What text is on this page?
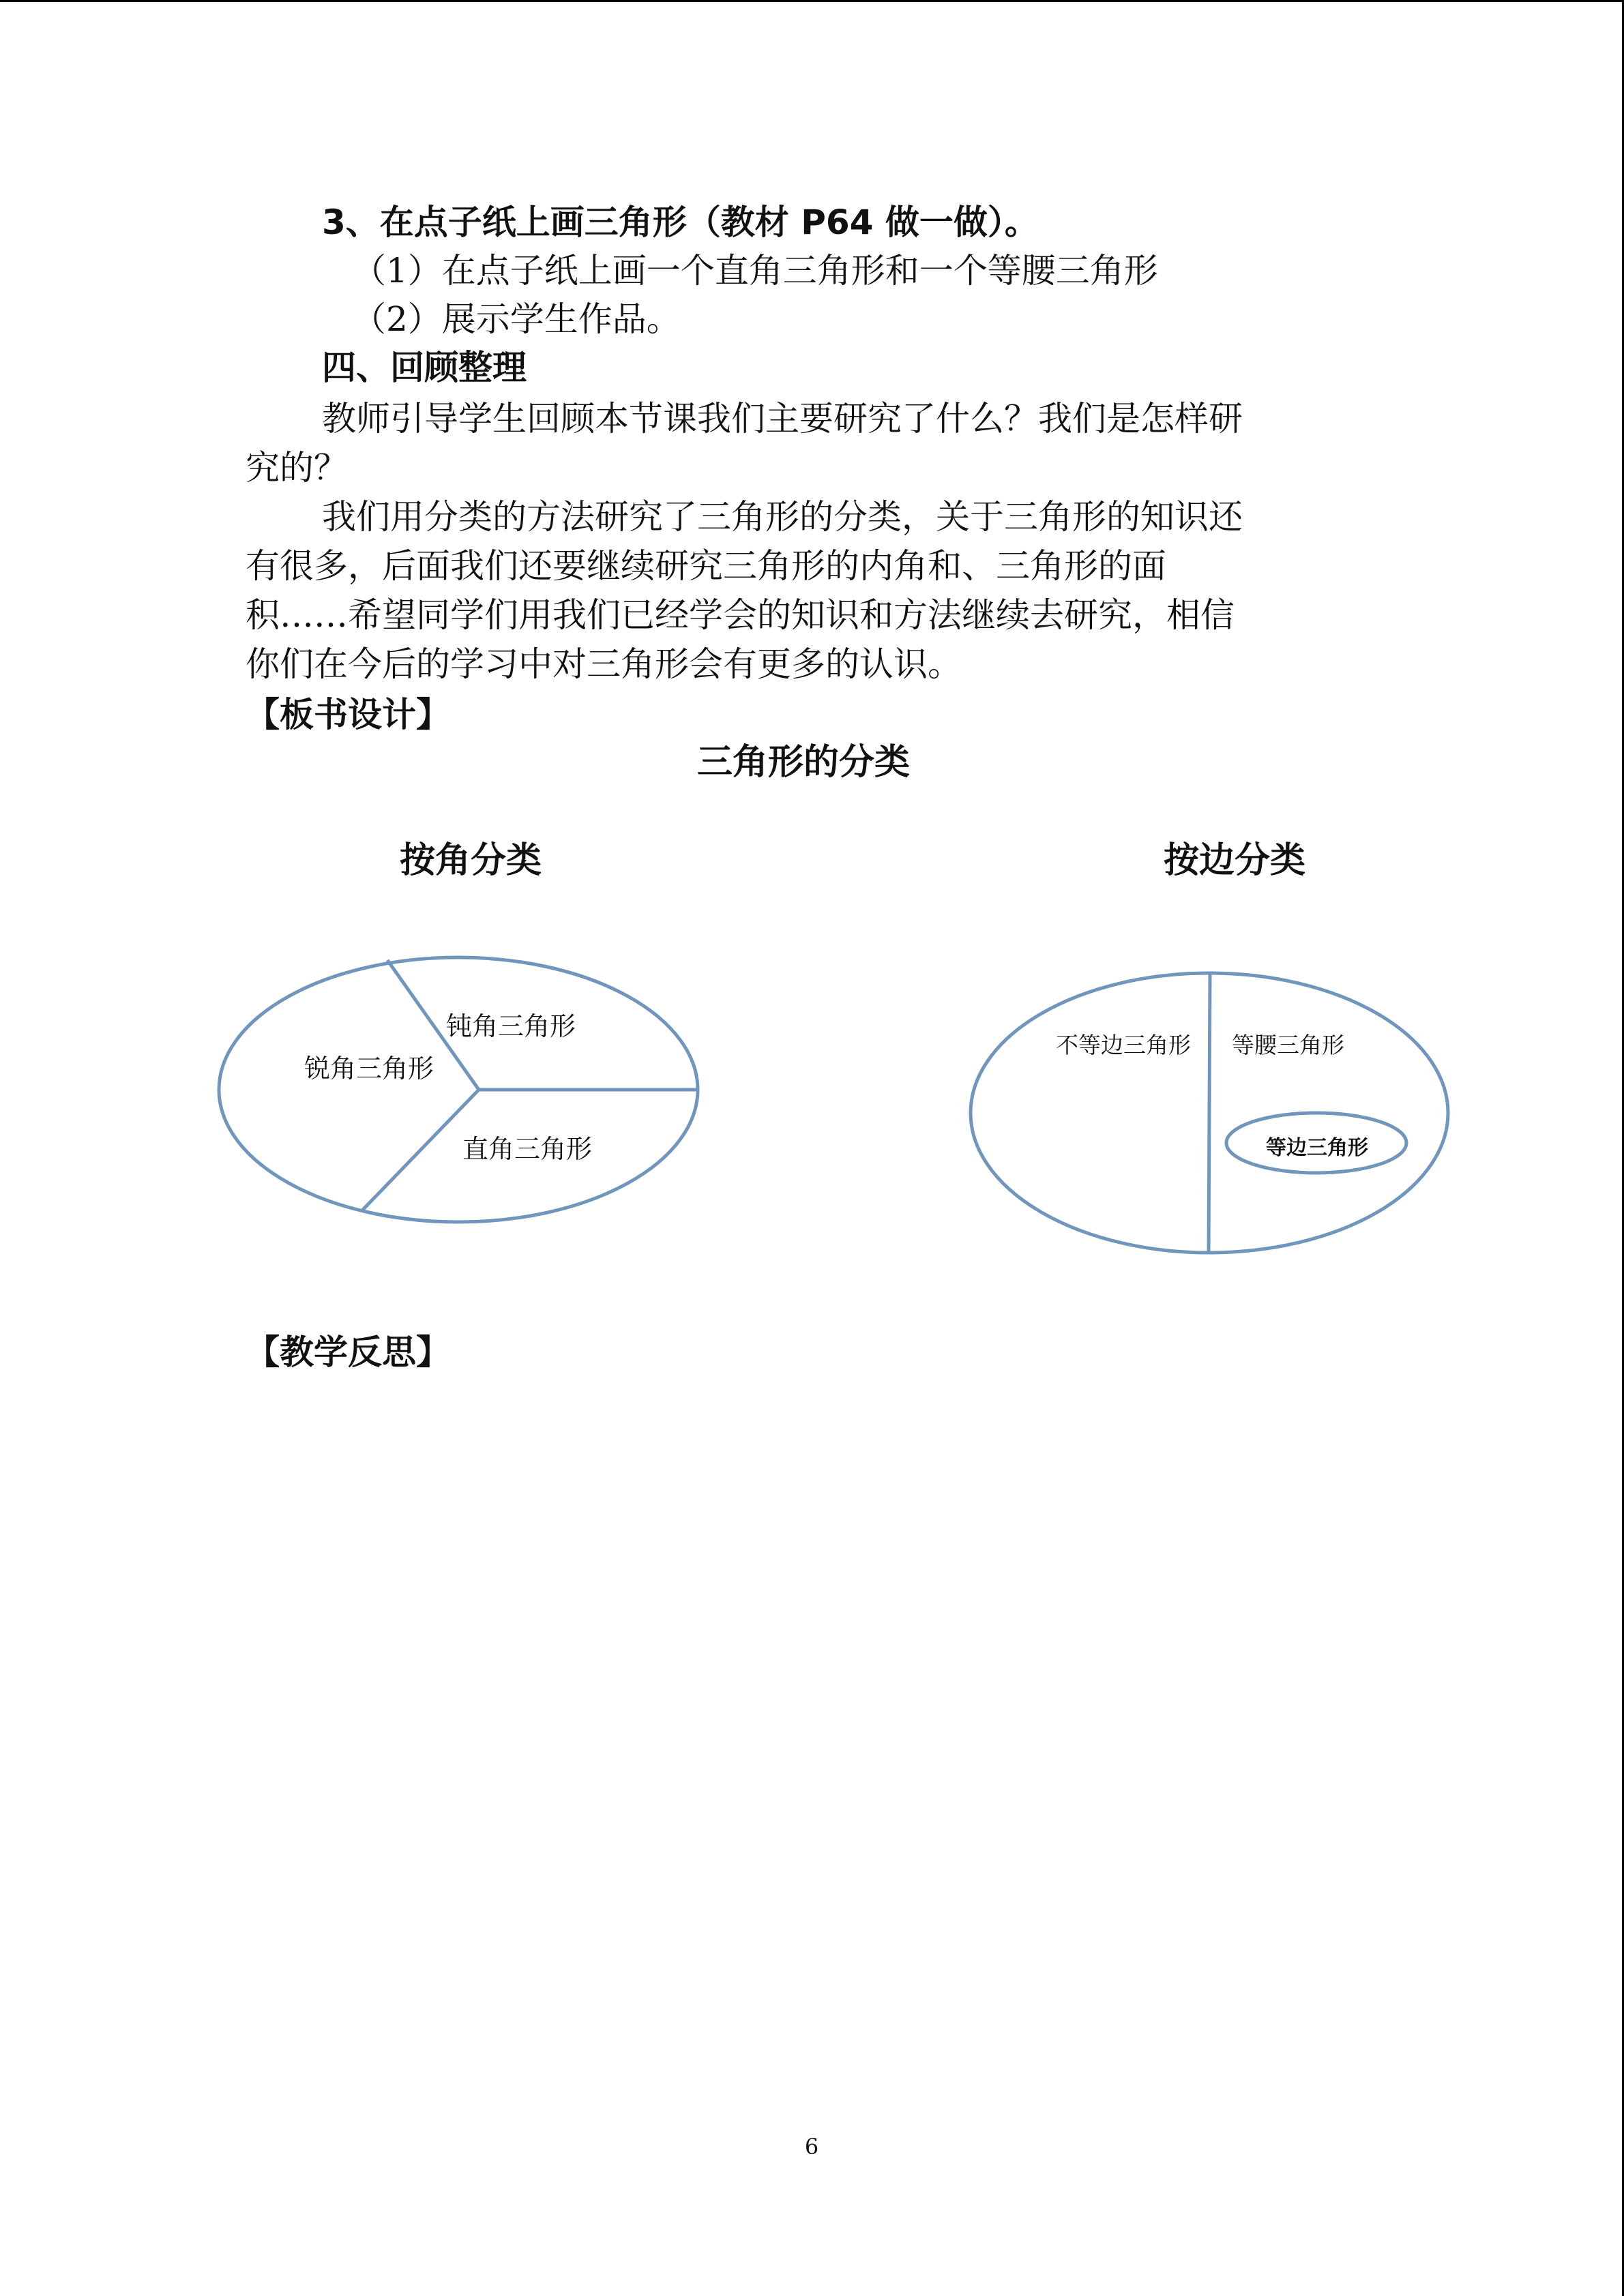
3、在点子纸上画三角形（教材 P64 做一做）。
（1）在点子纸上画一个直角三角形和一个等腰三角形
（2）展示学生作品。
四、回顾整理
教师引导学生回顾本节课我们主要研究了什么？我们是怎样研
究的？
我们用分类的方法研究了三角形的分类，关于三角形的知识还
有很多，后面我们还要继续研究三角形的内角和、三角形的面
积……希望同学们用我们已经学会的知识和方法继续去研究，相信
你们在今后的学习中对三角形会有更多的认识。
【板书设计】
三角形的分类
按角分类	按边分类
锐角三角形
钝角三角形
直角三角形
不等边三角形 等腰三角形
等边三角形
【教学反思】
6
